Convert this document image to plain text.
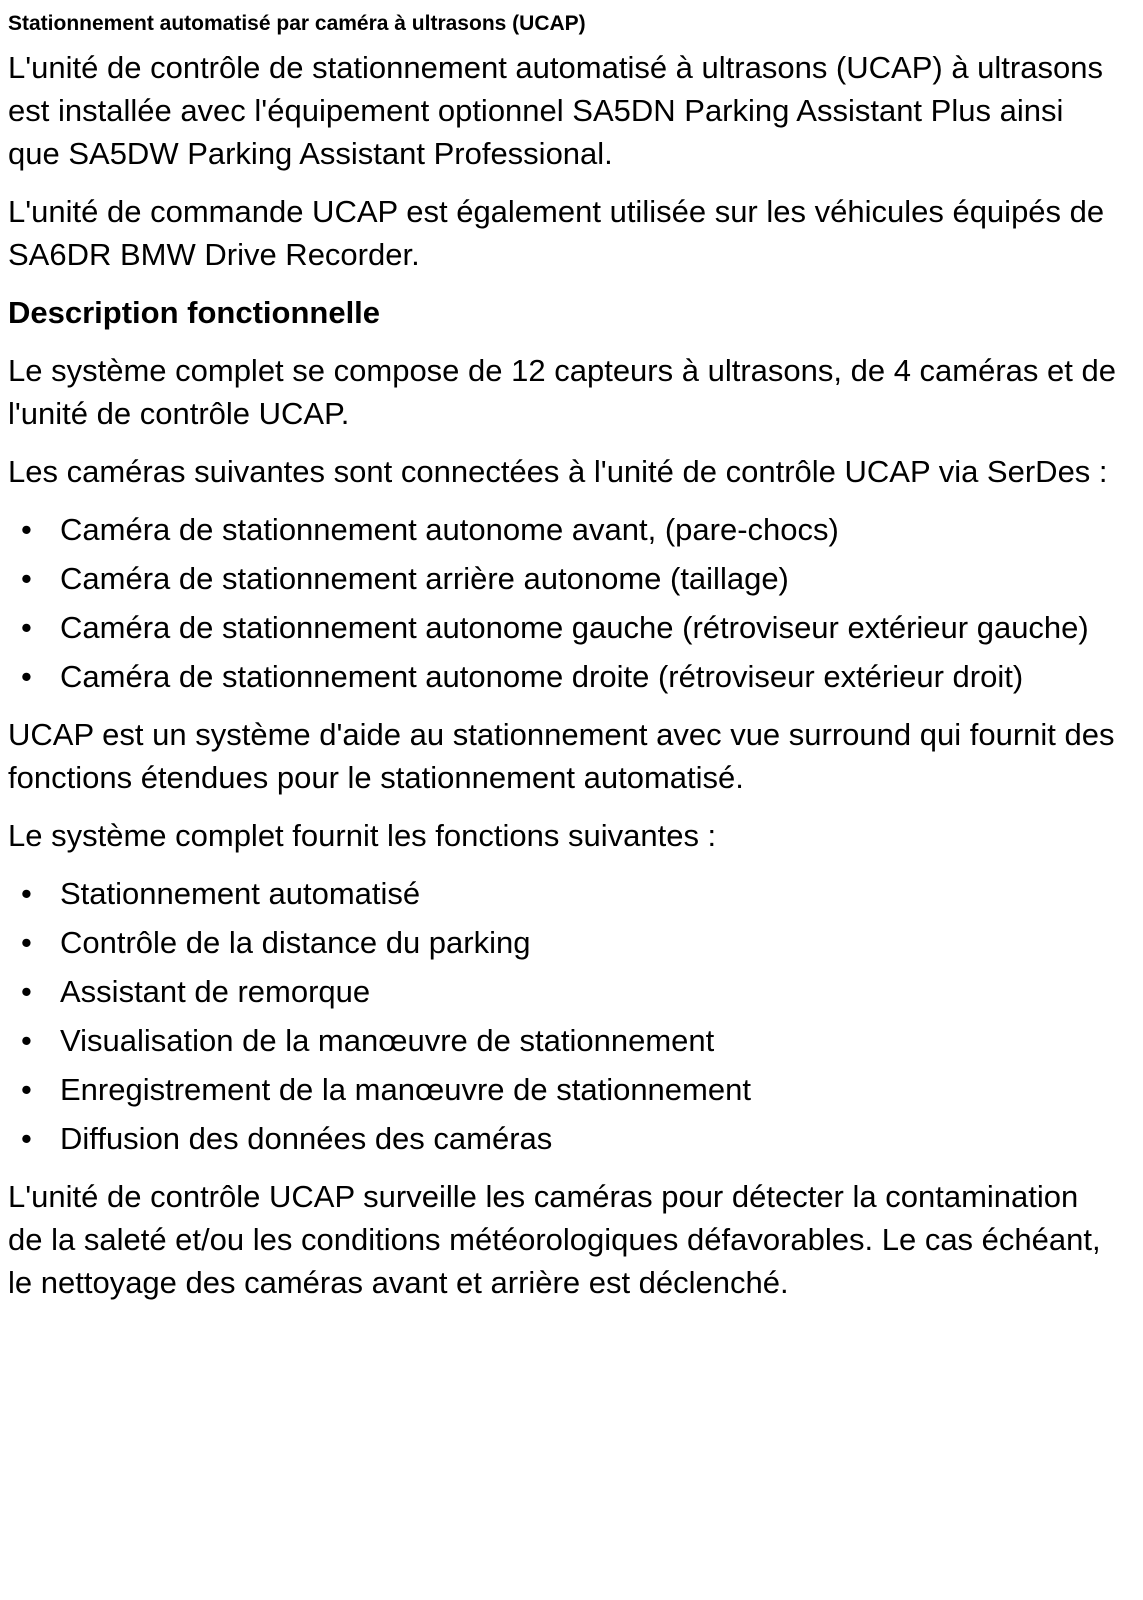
Stationnement automatisé par caméra à ultrasons (UCAP)

L'unité de contrôle de stationnement automatisé à ultrasons (UCAP) à ultrasons est installée avec l'équipement optionnel SA5DN Parking Assistant Plus ainsi que SA5DW Parking Assistant Professional.

L'unité de commande UCAP est également utilisée sur les véhicules équipés de SA6DR BMW Drive Recorder.

Description fonctionnelle

Le système complet se compose de 12 capteurs à ultrasons, de 4 caméras et de l'unité de contrôle UCAP.

Les caméras suivantes sont connectées à l'unité de contrôle UCAP via SerDes :

• Caméra de stationnement autonome avant, (pare-chocs)
• Caméra de stationnement arrière autonome (taillage)
• Caméra de stationnement autonome gauche (rétroviseur extérieur gauche)
• Caméra de stationnement autonome droite (rétroviseur extérieur droit)

UCAP est un système d'aide au stationnement avec vue surround qui fournit des fonctions étendues pour le stationnement automatisé.

Le système complet fournit les fonctions suivantes :

• Stationnement automatisé
• Contrôle de la distance du parking
• Assistant de remorque
• Visualisation de la manœuvre de stationnement
• Enregistrement de la manœuvre de stationnement
• Diffusion des données des caméras

L'unité de contrôle UCAP surveille les caméras pour détecter la contamination de la saleté et/ou les conditions météorologiques défavorables. Le cas échéant, le nettoyage des caméras avant et arrière est déclenché.
